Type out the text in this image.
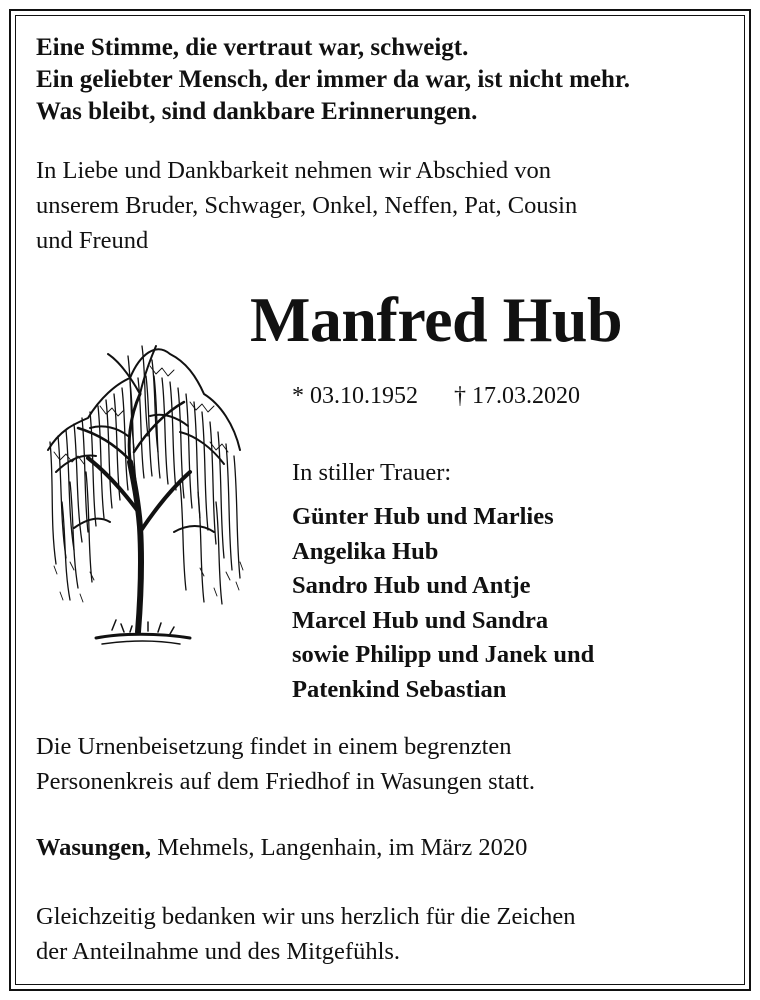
Eine Stimme, die vertraut war, schweigt.
Ein geliebter Mensch, der immer da war, ist nicht mehr.
Was bleibt, sind dankbare Erinnerungen.
In Liebe und Dankbarkeit nehmen wir Abschied von
unserem Bruder, Schwager, Onkel, Neffen, Pat, Cousin
und Freund
Manfred Hub
* 03.10.1952 † 17.03.2020
In stiller Trauer:
Günter Hub und Marlies
Angelika Hub
Sandro Hub und Antje
Marcel Hub und Sandra
sowie Philipp und Janek und
Patenkind Sebastian
Die Urnenbeisetzung findet in einem begrenzten
Personenkreis auf dem Friedhof in Wasungen statt.
Wasungen, Mehmels, Langenhain, im März 2020
Gleichzeitig bedanken wir uns herzlich für die Zeichen
der Anteilnahme und des Mitgefühls.
